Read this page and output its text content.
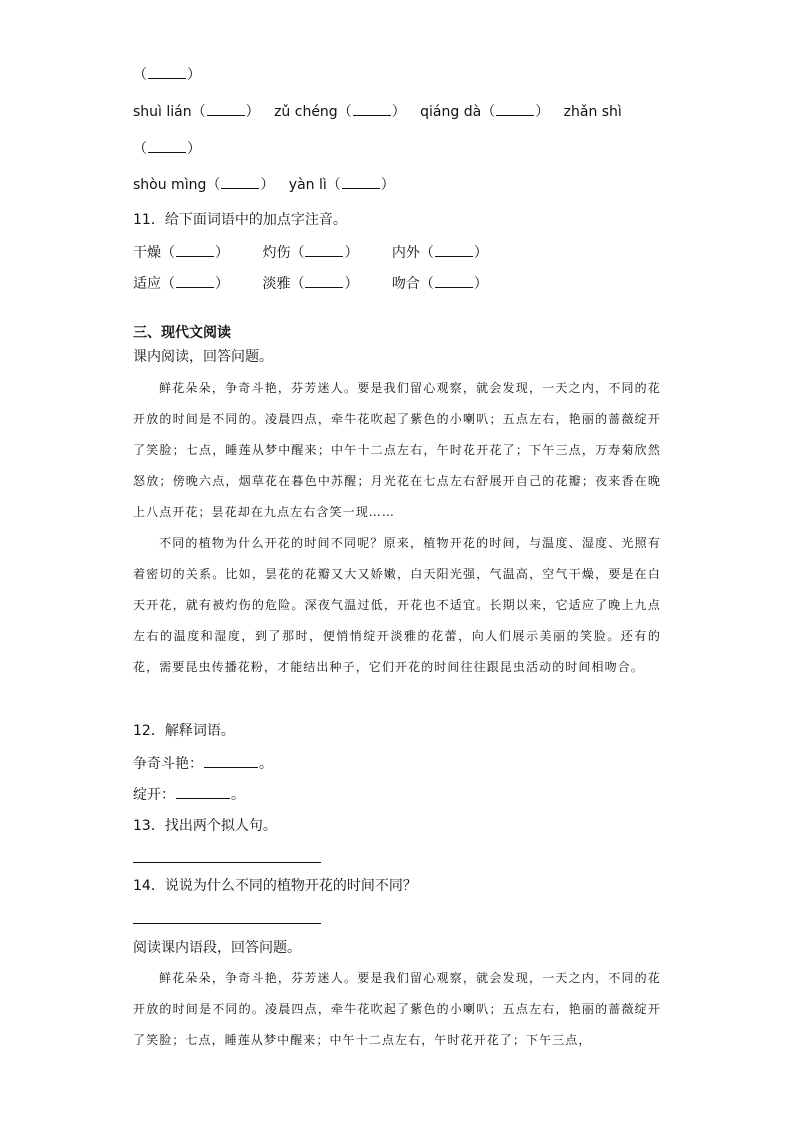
（	）
shuì lián（	） zǔ chéng（	） qiáng dà（	） zhǎn shì
（	）
shòu mìng（	） yàn lì（	）
11．给下面词语中的加点字注音。
干燥（	） 灼伤（	） 内外（	）
适应（	） 淡雅（	） 吻合（	）
三、现代文阅读
课内阅读，回答问题。

鲜花朵朵，争奇斗艳，芬芳迷人。要是我们留心观察，就会发现，一天之内，不同的花开放的时间是不同的。凌晨四点，牵牛花吹起了紫色的小喇叭；五点左右，艳丽的蔷薇绽开了笑脸；七点，睡莲从梦中醒来；中午十二点左右，午时花开花了；下午三点，万寿菊欣然怒放；傍晚六点，烟草花在暮色中苏醒；月光花在七点左右舒展开自己的花瓣；夜来香在晚上八点开花；昙花却在九点左右含笑一现……

不同的植物为什么开花的时间不同呢？原来，植物开花的时间，与温度、湿度、光照有着密切的关系。比如，昙花的花瓣又大又娇嫩，白天阳光强，气温高，空气干燥，要是在白天开花，就有被灼伤的危险。深夜气温过低，开花也不适宜。长期以来，它适应了晚上九点左右的温度和湿度，到了那时，便悄悄绽开淡雅的花蕾，向人们展示美丽的笑脸。还有的花，需要昆虫传播花粉，才能结出种子，它们开花的时间往往跟昆虫活动的时间相吻合。

12．解释词语。
争奇斗艳：	。
绽开：	。
13．找出两个拟人句。
14．说说为什么不同的植物开花的时间不同？
阅读课内语段，回答问题。

鲜花朵朵，争奇斗艳，芬芳迷人。要是我们留心观察，就会发现，一天之内，不同的花开放的时间是不同的。凌晨四点，牵牛花吹起了紫色的小喇叭；五点左右，艳丽的蔷薇绽开了笑脸；七点，睡莲从梦中醒来；中午十二点左右，午时花开花了；下午三点，
